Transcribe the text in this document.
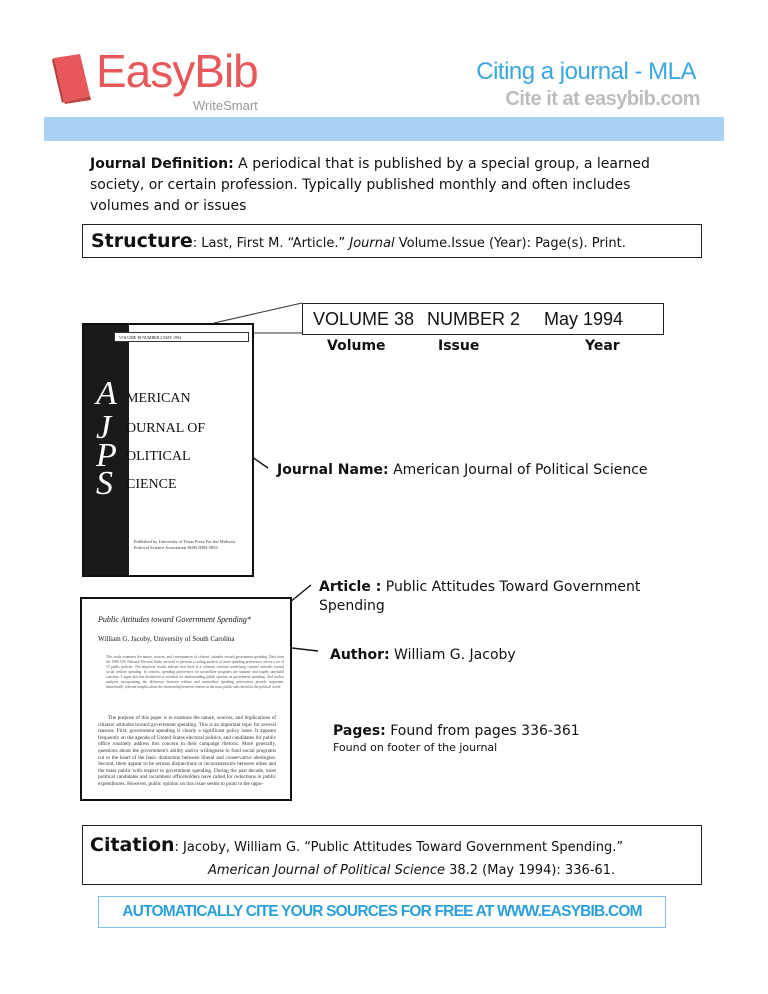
EasyBib
WriteSmart
Citing a journal - MLA
Cite it at easybib.com
Journal Definition: A periodical that is published by a special group, a learned society, or certain profession. Typically published monthly and often includes volumes and or issues
Structure: Last, First M. “Article.” Journal Volume.Issue (Year): Page(s). Print.
VOLUME 38 NUMBER 2 May 1994
Volume	Issue	Year
VOLUME 38 NUMBER 2 MAY 1994
A
J
P
S
MERICAN
OURNAL OF
OLITICAL
CIENCE
Published by University of Texas Press For the Midwest Political Science Association ISSN 0092-5853
Journal Name: American Journal of Political Science
Public Attitudes toward Government Spending*
William G. Jacoby, University of South Carolina
This study examines the nature, sources, and consequences of citizens' attitudes toward government spending. Data from the 1986 CPS National Election Study are used to perform a scaling analysis of mass spending preferences across a set of 10 public policies. The empirical results indicate that there is a coherent structure underlying citizens' attitudes toward social welfare spending. In contrast, spending preferences for nonwelfare programs are separate and largely unrelated concerns. I argue that this distinction is essential for understanding public opinion on government spending. And further analyses incorporating the difference between welfare and nonwelfare spending preferences provide important, theoretically relevant insights about the relationship between citizens in the mass public and elected in the political world.
The purpose of this paper is to examine the nature, sources, and implications of citizens' attitudes toward government spending. This is an important topic for several reasons. First, government spending is clearly a significant policy issue. It appears frequently on the agenda of United States electoral politics, and candidates for public office routinely address this concern in their campaign rhetoric. More generally, questions about the government's ability and/or willingness to fund social programs cut to the heart of the basic distinction between liberal and conservative ideologies. Second, there appear to be serious disjunctions or inconsistencies between elites and the mass public with respect to government spending. During the past decade, most political candidates and incumbent officeholders have called for reductions in public expenditures. However, public opinion on this issue seems to point to the oppo-
Article : Public Attitudes Toward Government Spending
Author: William G. Jacoby
Pages: Found from pages 336-361
Found on footer of the journal
Citation: Jacoby, William G. “Public Attitudes Toward Government Spending.”
American Journal of Political Science 38.2 (May 1994): 336-61.
AUTOMATICALLY CITE YOUR SOURCES FOR FREE AT WWW.EASYBIB.COM
